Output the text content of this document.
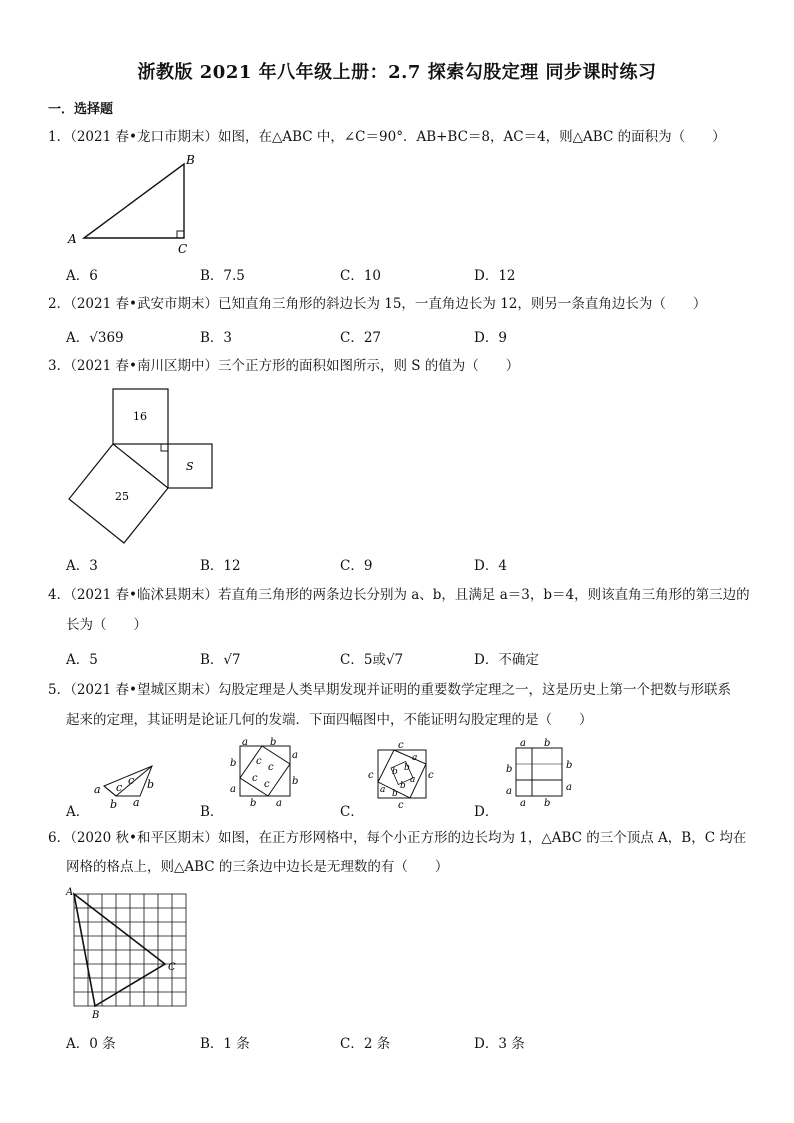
浙教版 2021 年八年级上册：2.7 探索勾股定理 同步课时练习
一．选择题
1．（2021 春•龙口市期末）如图，在△ABC 中，∠C＝90°．AB+BC＝8，AC＝4，则△ABC 的面积为（　　）
A
B
C
A．6	B．7.5	C．10	D．12
2．（2021 春•武安市期末）已知直角三角形的斜边长为 15，一直角边长为 12，则另一条直角边长为（　　）
A．√369	B．3	C．27	D．9
3．（2021 春•南川区期中）三个正方形的面积如图所示，则 S 的值为（　　）
16
S
25
A．3	B．12	C．9	D．4
4．（2021 春•临沭县期末）若直角三角形的两条边长分别为 a、b，且满足 a＝3，b＝4，则该直角三角形的第三边的
长为（　　）
A．5	B．√7	C．5或√7	D．不确定
5．（2021 春•望城区期末）勾股定理是人类早期发现并证明的重要数学定理之一，这是历史上第一个把数与形联系
起来的定理，其证明是论证几何的发端．下面四幅图中，不能证明勾股定理的是（　　）
a
b a
b
c
c
a b
a
b
b
a
b a
c
c
c
c
c
c	c
c
a
a b
b b
a
b
a b
b
a
b
a
a b
A．	B．	C．	D．
6．（2020 秋•和平区期末）如图，在正方形网格中，每个小正方形的边长均为 1，△ABC 的三个顶点 A，B，C 均在
网格的格点上，则△ABC 的三条边中边长是无理数的有（　　）
A
B
C
A．0 条	B．1 条	C．2 条	D．3 条
